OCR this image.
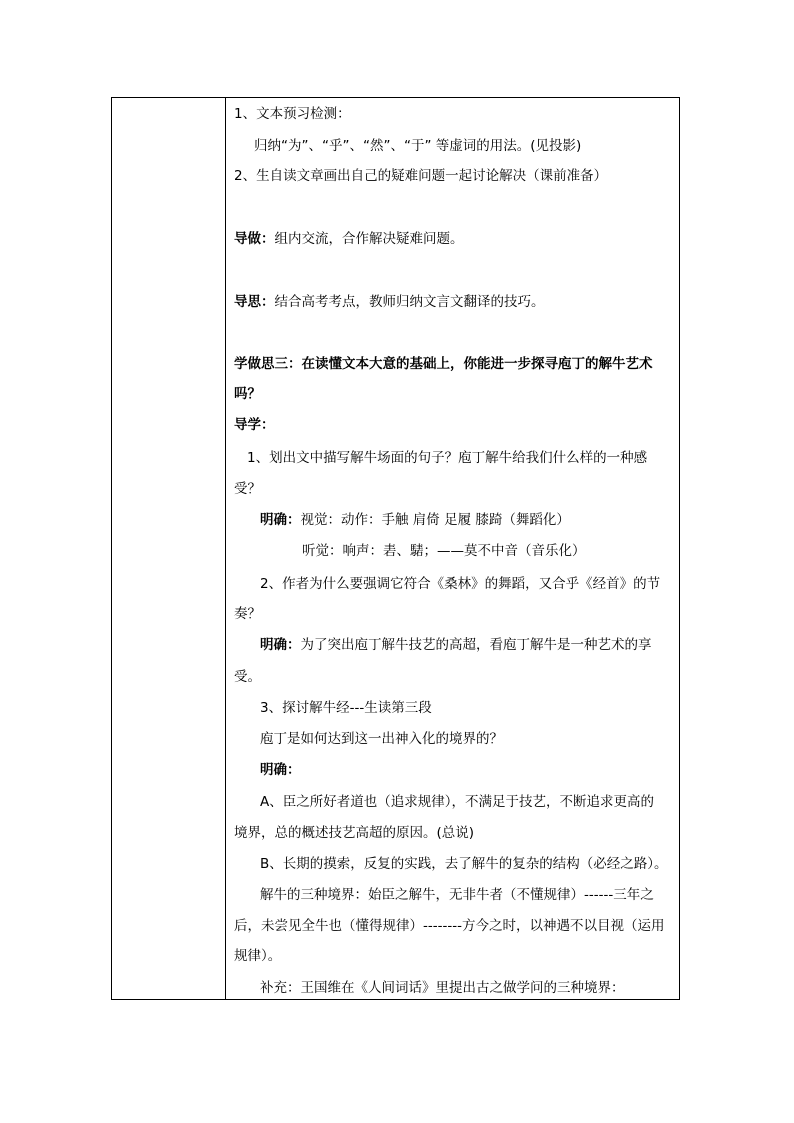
1、文本预习检测：
归纳“为”、“乎”、“然”、“于” 等虚词的用法。(见投影)
2、生自读文章画出自己的疑难问题一起讨论解决（课前准备）
导做：组内交流，合作解决疑难问题。
导思：结合高考考点，教师归纳文言文翻译的技巧。
学做思三：在读懂文本大意的基础上，你能进一步探寻庖丁的解牛艺术
吗？
导学：
1、划出文中描写解牛场面的句子？庖丁解牛给我们什么样的一种感
受？
明确：视觉：动作：手触 肩倚 足履 膝踦（舞蹈化）
听觉：响声：砉、騞；——莫不中音（音乐化）
2、作者为什么要强调它符合《桑林》的舞蹈，又合乎《经首》的节
奏？
明确：为了突出庖丁解牛技艺的高超，看庖丁解牛是一种艺术的享
受。
3、探讨解牛经---生读第三段
庖丁是如何达到这一出神入化的境界的？
明确：
A、臣之所好者道也（追求规律），不满足于技艺，不断追求更高的
境界，总的概述技艺高超的原因。(总说)
B、长期的摸索，反复的实践，去了解牛的复杂的结构（必经之路）。
解牛的三种境界：始臣之解牛，无非牛者（不懂规律）------三年之
后，未尝见全牛也（懂得规律）--------方今之时，以神遇不以目视（运用
规律）。
补充：王国维在《人间词话》里提出古之做学问的三种境界：
